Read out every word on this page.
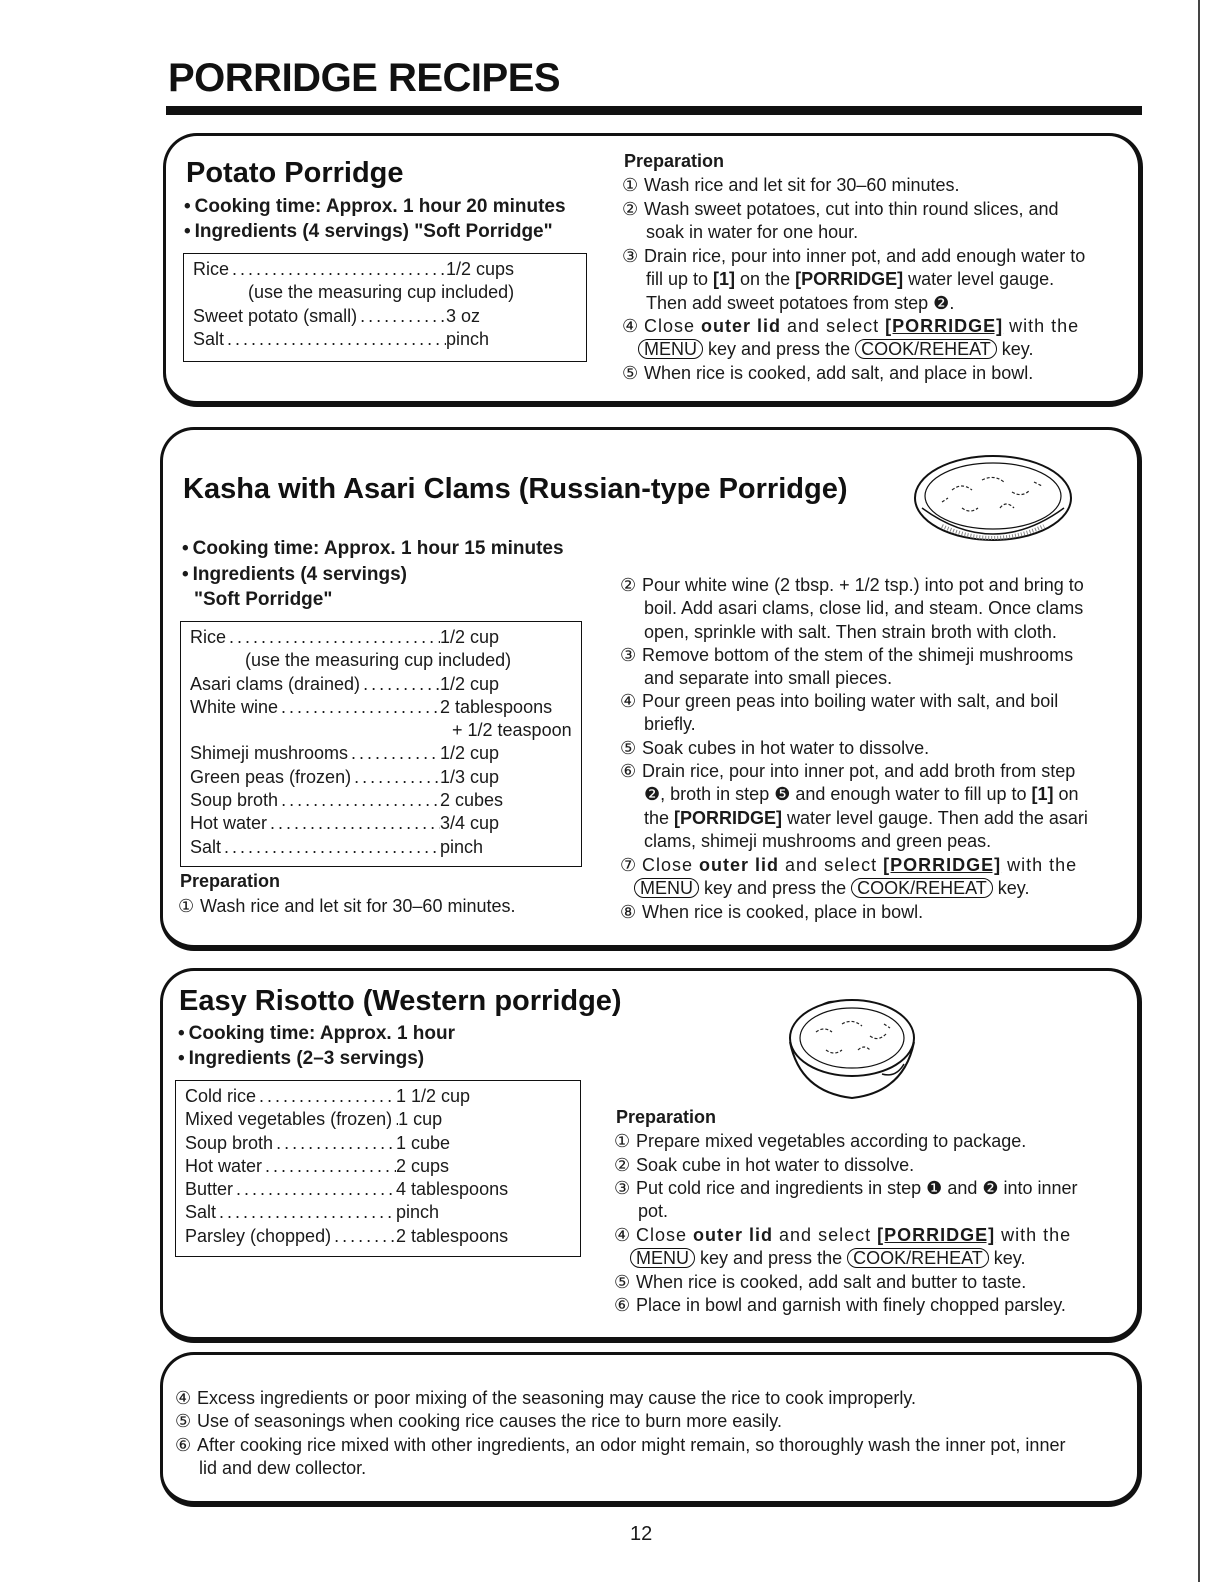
PORRIDGE RECIPES
Potato Porridge
• Cooking time: Approx. 1 hour 20 minutes
• Ingredients (4 servings) "Soft Porridge"
Rice . . .	1/2 cups
(use the measuring cup included)
Sweet potato (small) . . .	3 oz
Salt . . .	pinch
Preparation
① Wash rice and let sit for 30–60 minutes.
② Wash sweet potatoes, cut into thin round slices, and
soak in water for one hour.
③ Drain rice, pour into inner pot, and add enough water to
fill up to [1] on the [PORRIDGE] water level gauge.
Then add sweet potatoes from step ❷.
④ Close outer lid and select [PORRIDGE] with the
MENU key and press the COOK/REHEAT key.
⑤ When rice is cooked, add salt, and place in bowl.
Kasha with Asari Clams (Russian-type Porridge)
• Cooking time: Approx. 1 hour 15 minutes
• Ingredients (4 servings)
"Soft Porridge"
Rice . . .	1/2 cup
(use the measuring cup included)
Asari clams (drained) . . .	1/2 cup
White wine . . .	2 tablespoons
+ 1/2 teaspoon
Shimeji mushrooms . . .	1/2 cup
Green peas (frozen) . . .	1/3 cup
Soup broth . . .	2 cubes
Hot water . . .	3/4 cup
Salt . . .	pinch
Preparation
① Wash rice and let sit for 30–60 minutes.
② Pour white wine (2 tbsp. + 1/2 tsp.) into pot and bring to
boil. Add asari clams, close lid, and steam. Once clams
open, sprinkle with salt. Then strain broth with cloth.
③ Remove bottom of the stem of the shimeji mushrooms
and separate into small pieces.
④ Pour green peas into boiling water with salt, and boil
briefly.
⑤ Soak cubes in hot water to dissolve.
⑥ Drain rice, pour into inner pot, and add broth from step
❷, broth in step ❺ and enough water to fill up to [1] on
the [PORRIDGE] water level gauge. Then add the asari
clams, shimeji mushrooms and green peas.
⑦ Close outer lid and select [PORRIDGE] with the
MENU key and press the COOK/REHEAT key.
⑧ When rice is cooked, place in bowl.
Easy Risotto (Western porridge)
• Cooking time: Approx. 1 hour
• Ingredients (2–3 servings)
Cold rice . . .	1 1/2 cup
Mixed vegetables (frozen) . . . 1 cup
Soup broth . . .	1 cube
Hot water . . .	2 cups
Butter . . .	4 tablespoons
Salt . . .	pinch
Parsley (chopped) . . .	2 tablespoons
Preparation
① Prepare mixed vegetables according to package.
② Soak cube in hot water to dissolve.
③ Put cold rice and ingredients in step ❶ and ❷ into inner
pot.
④ Close outer lid and select [PORRIDGE] with the
MENU key and press the COOK/REHEAT key.
⑤ When rice is cooked, add salt and butter to taste.
⑥ Place in bowl and garnish with finely chopped parsley.
④ Excess ingredients or poor mixing of the seasoning may cause the rice to cook improperly.
⑤ Use of seasonings when cooking rice causes the rice to burn more easily.
⑥ After cooking rice mixed with other ingredients, an odor might remain, so thoroughly wash the inner pot, inner
lid and dew collector.
12
